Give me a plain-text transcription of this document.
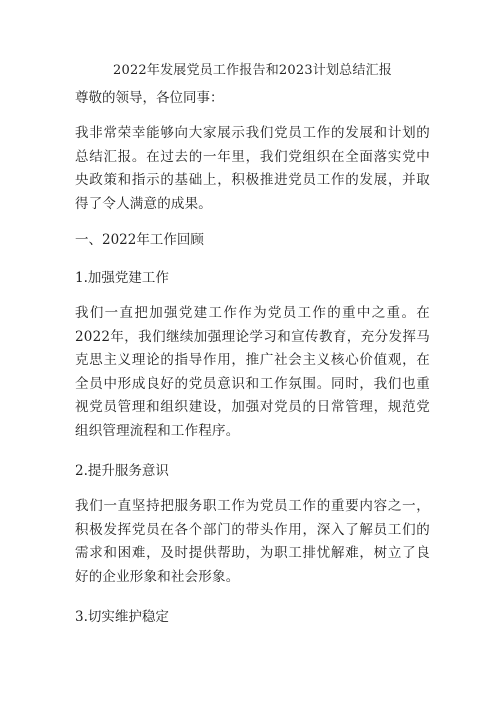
2022年发展党员工作报告和2023计划总结汇报
尊敬的领导，各位同事：

我非常荣幸能够向大家展示我们党员工作的发展和计划的总结汇报。在过去的一年里，我们党组织在全面落实党中央政策和指示的基础上，积极推进党员工作的发展，并取得了令人满意的成果。

一、2022年工作回顾
1.加强党建工作

我们一直把加强党建工作作为党员工作的重中之重。在2022年，我们继续加强理论学习和宣传教育，充分发挥马克思主义理论的指导作用，推广社会主义核心价值观，在全员中形成良好的党员意识和工作氛围。同时，我们也重视党员管理和组织建设，加强对党员的日常管理，规范党组织管理流程和工作程序。

2.提升服务意识

我们一直坚持把服务职工作为党员工作的重要内容之一，积极发挥党员在各个部门的带头作用，深入了解员工们的需求和困难，及时提供帮助，为职工排忧解难，树立了良好的企业形象和社会形象。

3.切实维护稳定
